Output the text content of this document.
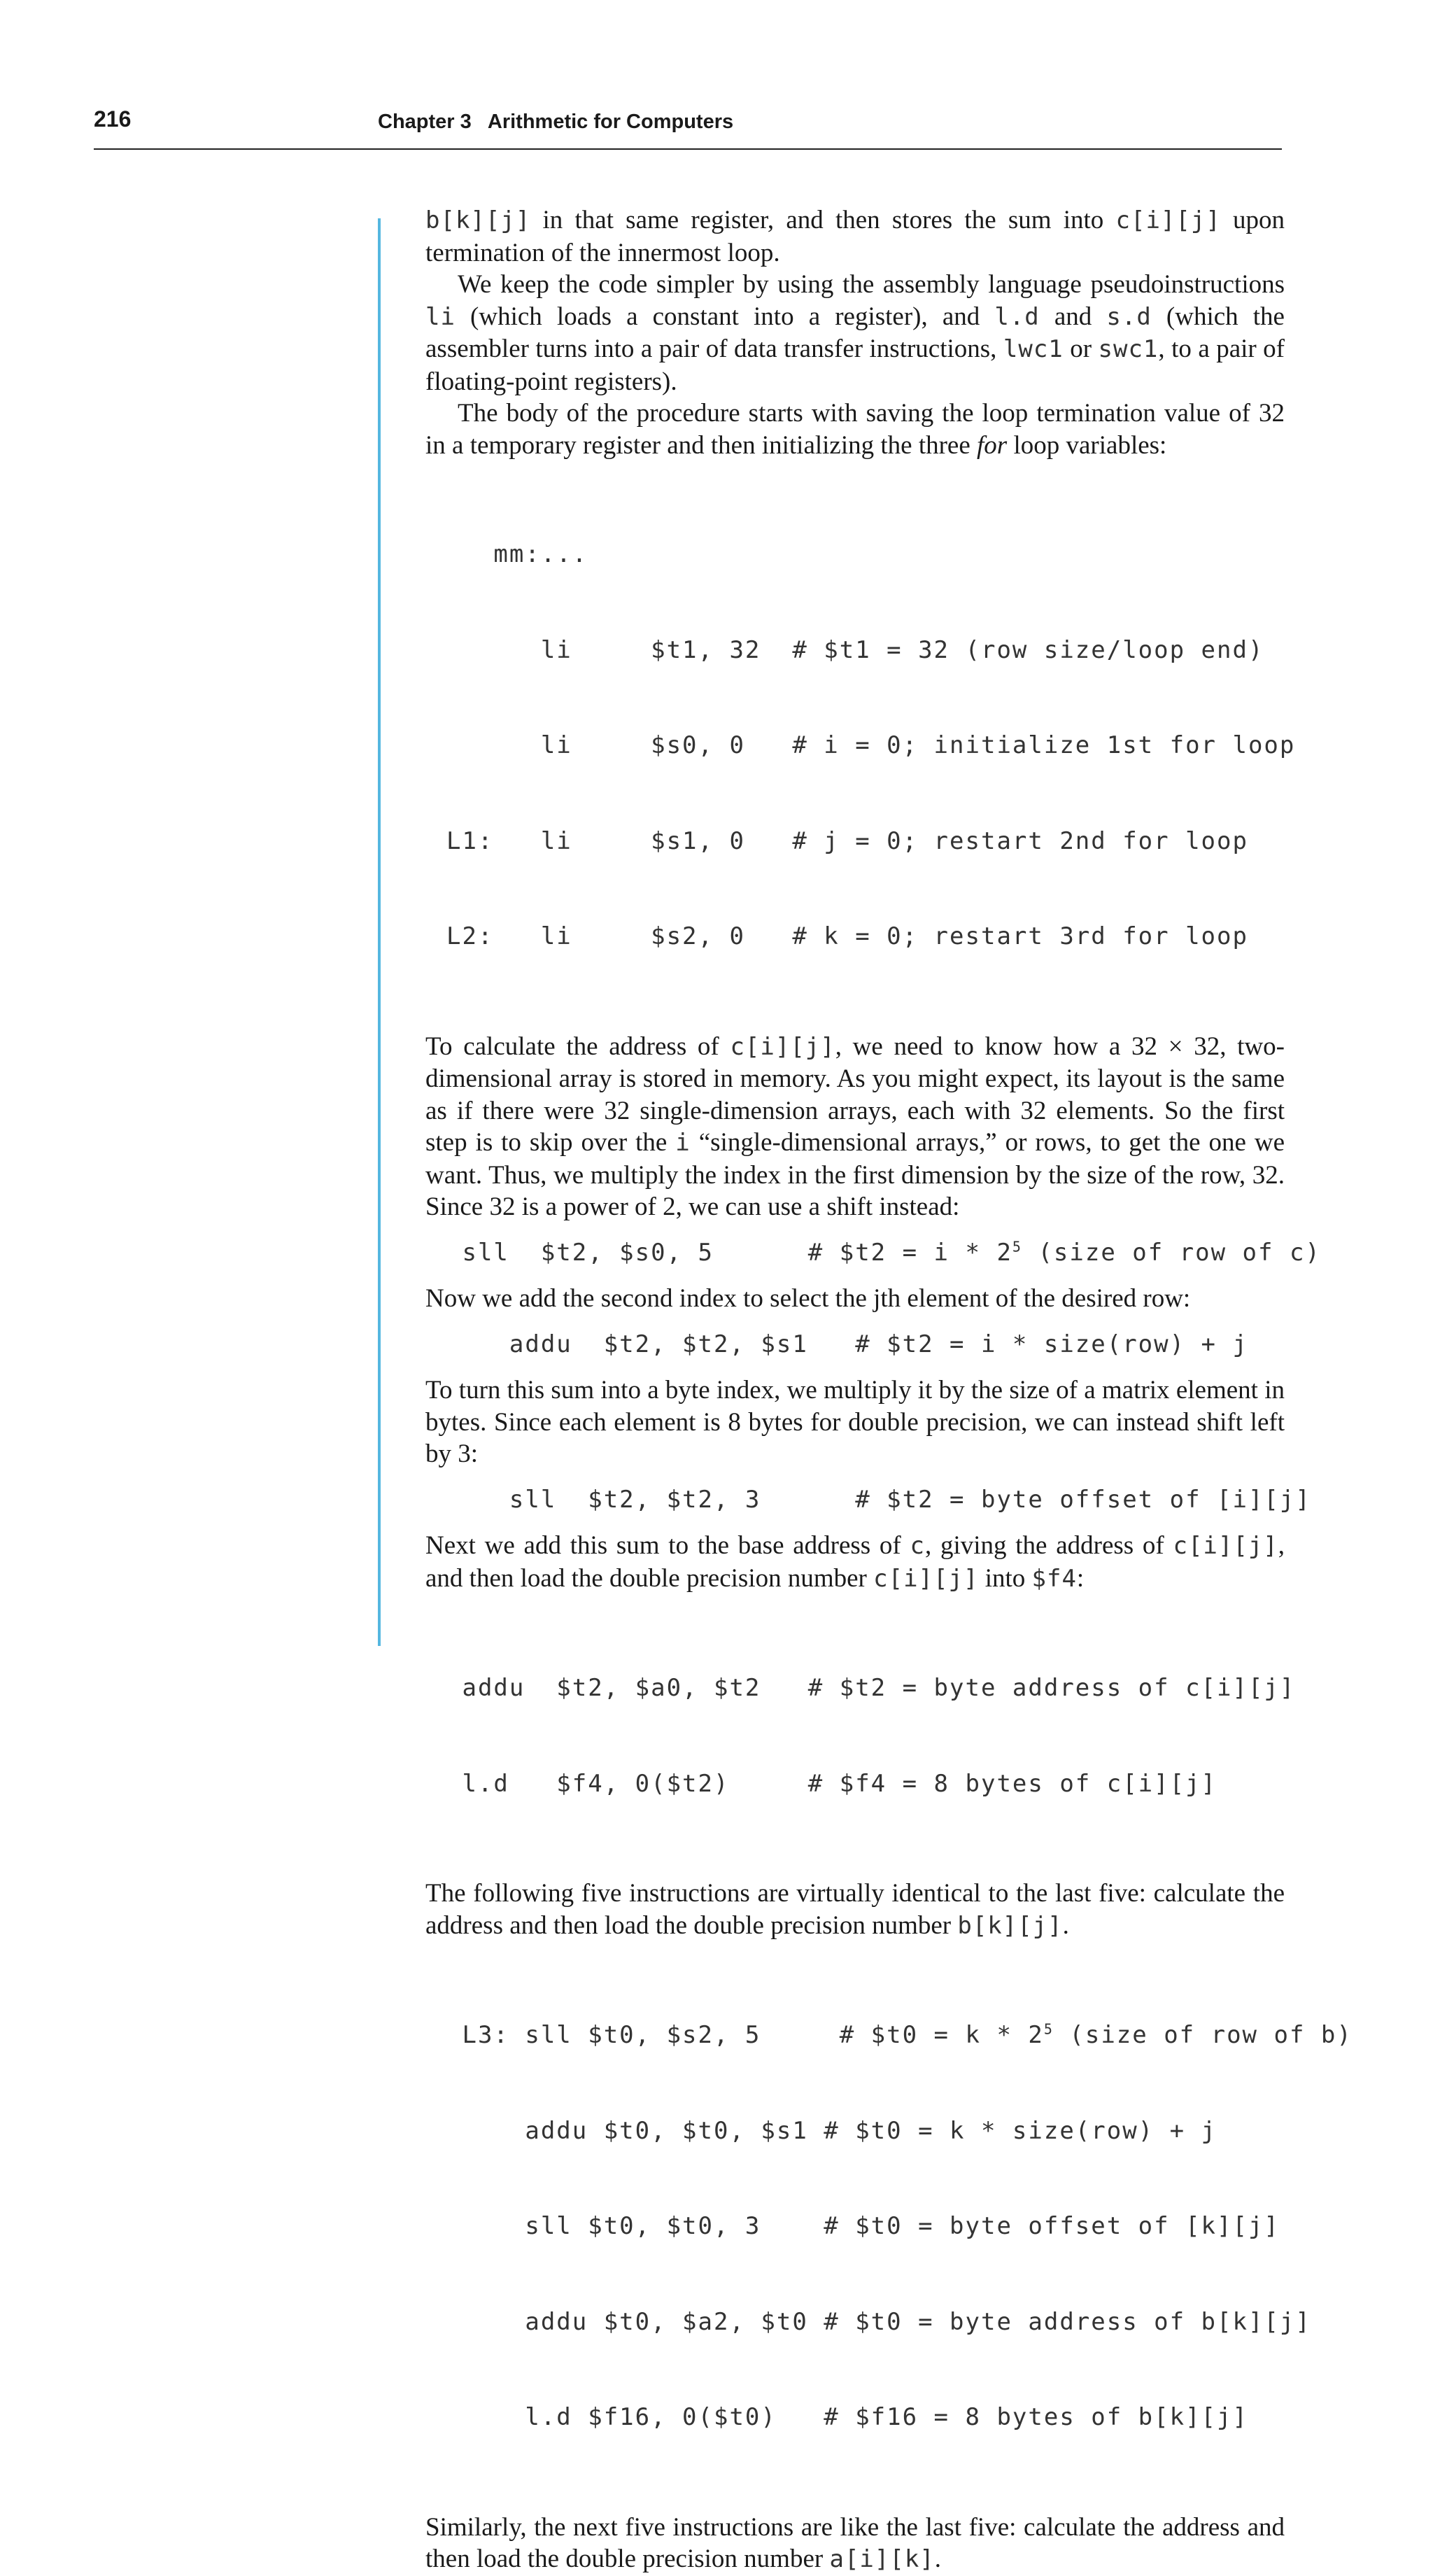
216	Chapter 3 Arithmetic for Computers

b[k][j] in that same register, and then stores the sum into c[i][j] upon termination of the innermost loop.

We keep the code simpler by using the assembly language pseudoinstructions li (which loads a constant into a register), and l.d and s.d (which the assembler turns into a pair of data transfer instructions, lwc1 or swc1, to a pair of floating-point registers).

The body of the procedure starts with saving the loop termination value of 32 in a temporary register and then initializing the three for loop variables:

mm:...

li     $t1, 32  # $t1 = 32 (row size/loop end)

li     $s0, 0   # i = 0; initialize 1st for loop

L1:   li     $s1, 0   # j = 0; restart 2nd for loop

L2:   li     $s2, 0   # k = 0; restart 3rd for loop

To calculate the address of c[i][j], we need to know how a 32 × 32, two-dimensional array is stored in memory. As you might expect, its layout is the same as if there were 32 single-dimension arrays, each with 32 elements. So the first step is to skip over the i “single-dimensional arrays,” or rows, to get the one we want. Thus, we multiply the index in the first dimension by the size of the row, 32. Since 32 is a power of 2, we can use a shift instead:

sll  $t2, $s0, 5      # $t2 = i * $2^5$ (size of row of c)

Now we add the second index to select the jth element of the desired row:

addu  $t2, $t2, $s1   # $t2 = i * size(row) + j

To turn this sum into a byte index, we multiply it by the size of a matrix element in bytes. Since each element is 8 bytes for double precision, we can instead shift left by 3:

sll  $t2, $t2, 3      # $t2 = byte offset of [i][j]

Next we add this sum to the base address of c, giving the address of c[i][j], and then load the double precision number c[i][j] into $f4:

addu  $t2, $a0, $t2   # $t2 = byte address of c[i][j]

l.d   $f4, 0($t2)     # $f4 = 8 bytes of c[i][j]

The following five instructions are virtually identical to the last five: calculate the address and then load the double precision number b[k][j].

L3: sll $t0, $s2, 5     # $t0 = k * $2^5$ (size of row of b)

addu $t0, $t0, $s1 # $t0 = k * size(row) + j

sll $t0, $t0, 3    # $t0 = byte offset of [k][j]

addu $t0, $a2, $t0 # $t0 = byte address of b[k][j]

l.d $f16, 0($t0)   # $f16 = 8 bytes of b[k][j]

Similarly, the next five instructions are like the last five: calculate the address and then load the double precision number a[i][k].
